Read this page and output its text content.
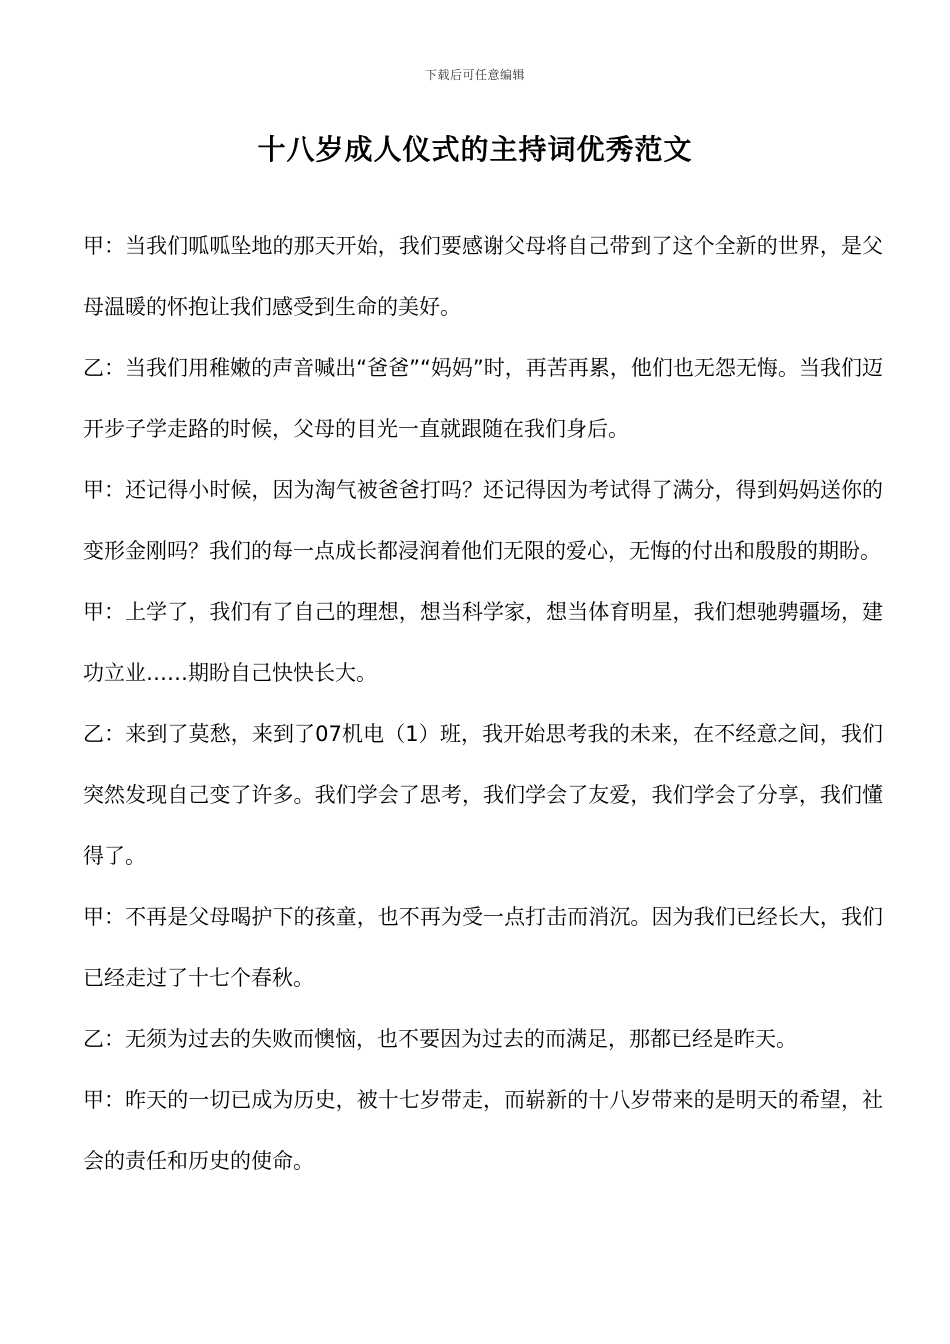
下载后可任意编辑
十八岁成人仪式的主持词优秀范文

甲：当我们呱呱坠地的那天开始，我们要感谢父母将自己带到了这个全新的世界，是父母温暖的怀抱让我们感受到生命的美好。

乙：当我们用稚嫩的声音喊出“爸爸”“妈妈”时，再苦再累，他们也无怨无悔。当我们迈开步子学走路的时候，父母的目光一直就跟随在我们身后。

甲：还记得小时候，因为淘气被爸爸打吗？还记得因为考试得了满分，得到妈妈送你的变形金刚吗？我们的每一点成长都浸润着他们无限的爱心，无悔的付出和殷殷的期盼。

甲：上学了，我们有了自己的理想，想当科学家，想当体育明星，我们想驰骋疆场，建功立业……期盼自己快快长大。

乙：来到了莫愁，来到了07机电（1）班，我开始思考我的未来，在不经意之间，我们突然发现自己变了许多。我们学会了思考，我们学会了友爱，我们学会了分享，我们懂得了。

甲：不再是父母喝护下的孩童，也不再为受一点打击而消沉。因为我们已经长大，我们已经走过了十七个春秋。

乙：无须为过去的失败而懊恼，也不要因为过去的而满足，那都已经是昨天。

甲：昨天的一切已成为历史，被十七岁带走，而崭新的十八岁带来的是明天的希望，社会的责任和历史的使命。
